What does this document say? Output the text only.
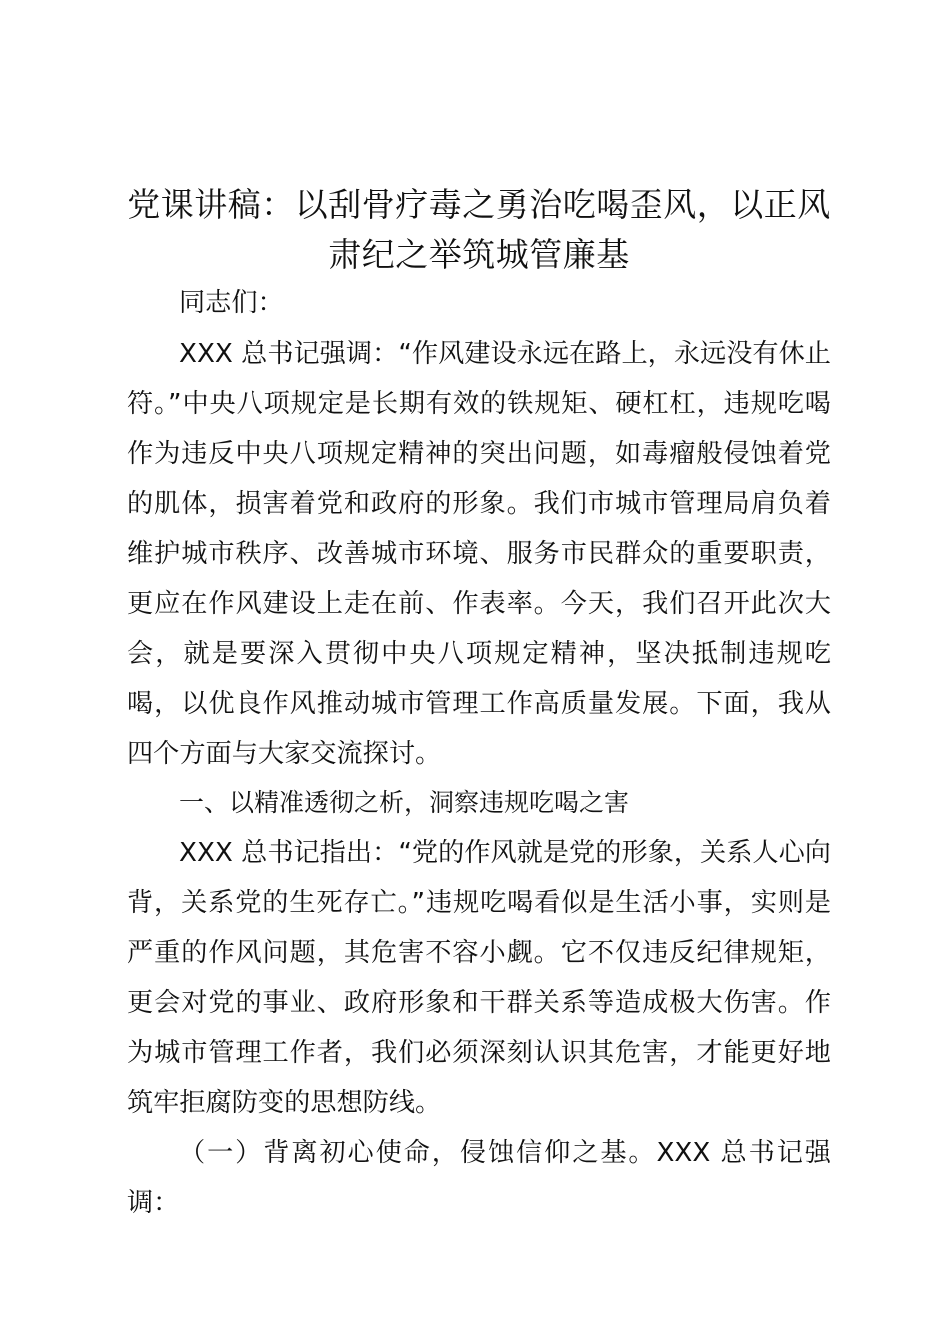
党课讲稿：以刮骨疗毒之勇治吃喝歪风，以正风肃纪之举筑城管廉基

同志们：

XXX 总书记强调：“作风建设永远在路上，永远没有休止符。”中央八项规定是长期有效的铁规矩、硬杠杠，违规吃喝作为违反中央八项规定精神的突出问题，如毒瘤般侵蚀着党的肌体，损害着党和政府的形象。我们市城市管理局肩负着维护城市秩序、改善城市环境、服务市民群众的重要职责，更应在作风建设上走在前、作表率。今天，我们召开此次大会，就是要深入贯彻中央八项规定精神，坚决抵制违规吃喝，以优良作风推动城市管理工作高质量发展。下面，我从四个方面与大家交流探讨。

一、以精准透彻之析，洞察违规吃喝之害

XXX 总书记指出：“党的作风就是党的形象，关系人心向背，关系党的生死存亡。”违规吃喝看似是生活小事，实则是严重的作风问题，其危害不容小觑。它不仅违反纪律规矩，更会对党的事业、政府形象和干群关系等造成极大伤害。作为城市管理工作者，我们必须深刻认识其危害，才能更好地筑牢拒腐防变的思想防线。

（一）背离初心使命，侵蚀信仰之基。XXX 总书记强调：
